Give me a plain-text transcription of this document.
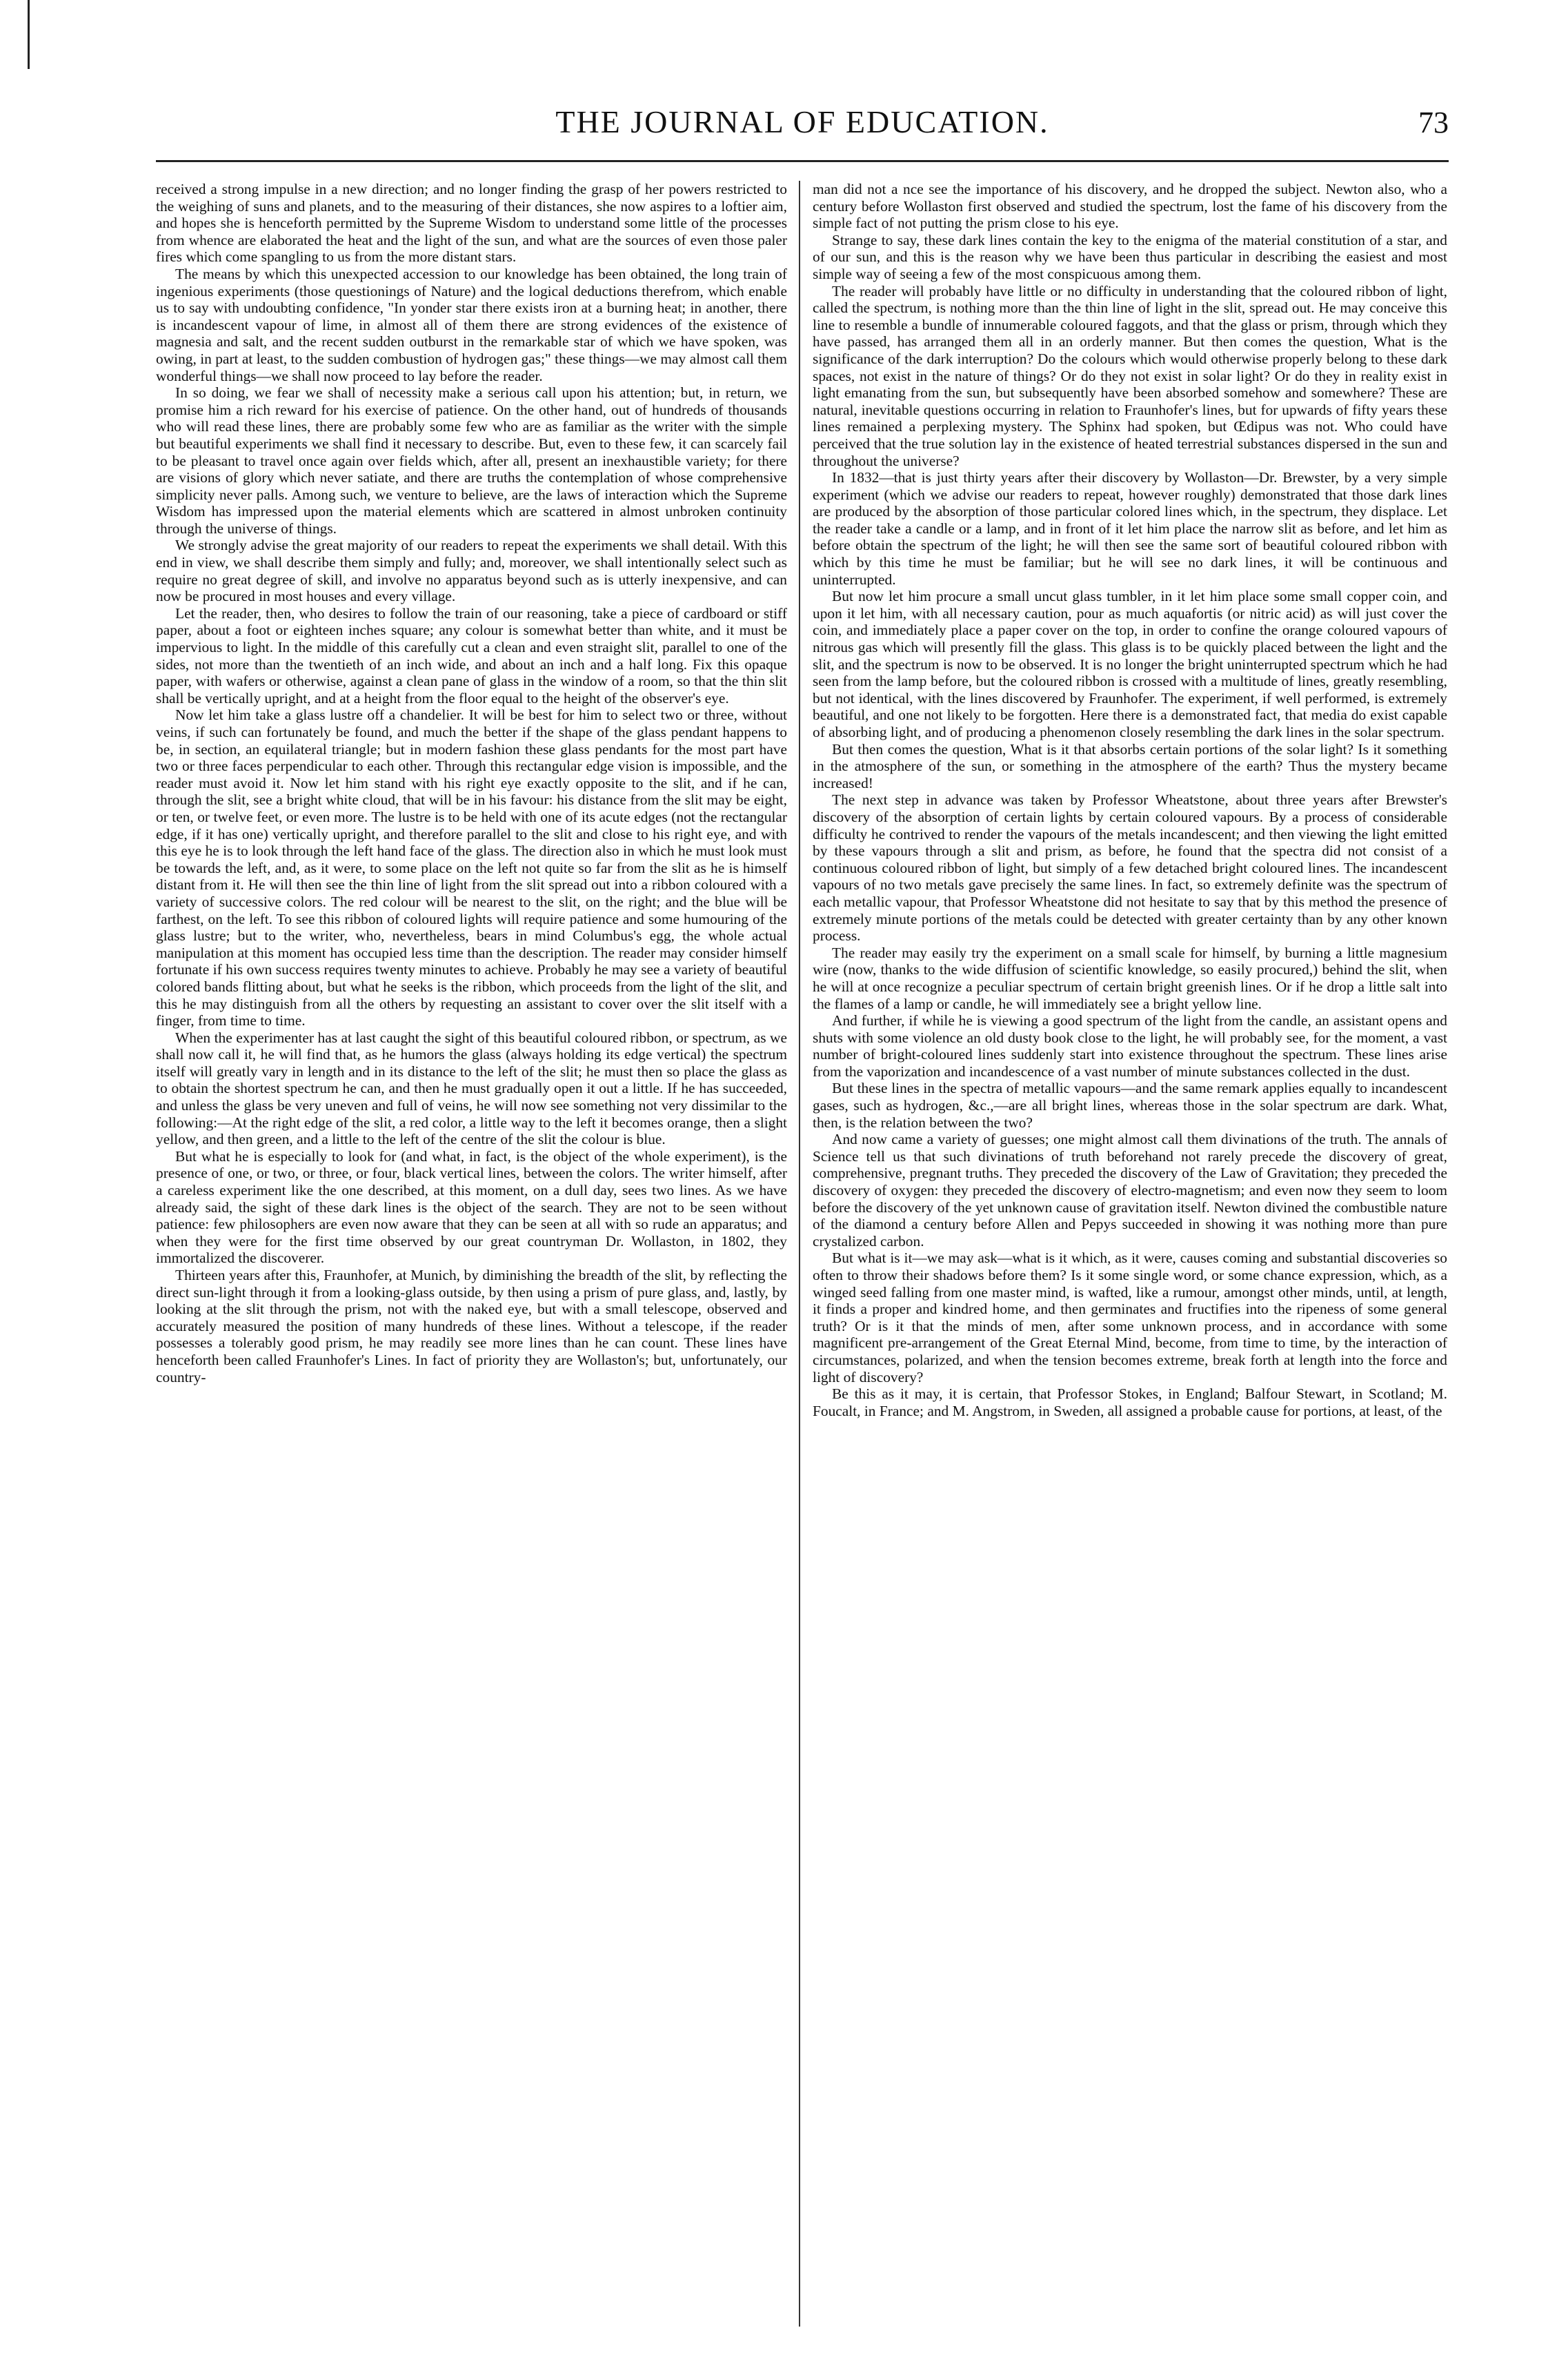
THE JOURNAL OF EDUCATION.	73

received a strong impulse in a new direction; and no longer finding the grasp of her powers restricted to the weighing of suns and planets, and to the measuring of their distances, she now aspires to a loftier aim, and hopes she is henceforth permitted by the Supreme Wisdom to understand some little of the processes from whence are elaborated the heat and the light of the sun, and what are the sources of even those paler fires which come spangling to us from the more distant stars.

The means by which this unexpected accession to our knowledge has been obtained, the long train of ingenious experiments (those questionings of Nature) and the logical deductions therefrom, which enable us to say with undoubting confidence, "In yonder star there exists iron at a burning heat; in another, there is incandescent vapour of lime, in almost all of them there are strong evidences of the existence of magnesia and salt, and the recent sudden outburst in the remarkable star of which we have spoken, was owing, in part at least, to the sudden combustion of hydrogen gas;" these things—we may almost call them wonderful things—we shall now proceed to lay before the reader.

In so doing, we fear we shall of necessity make a serious call upon his attention; but, in return, we promise him a rich reward for his exercise of patience. On the other hand, out of hundreds of thousands who will read these lines, there are probably some few who are as familiar as the writer with the simple but beautiful experiments we shall find it necessary to describe. But, even to these few, it can scarcely fail to be pleasant to travel once again over fields which, after all, present an inexhaustible variety; for there are visions of glory which never satiate, and there are truths the contemplation of whose comprehensive simplicity never palls. Among such, we venture to believe, are the laws of interaction which the Supreme Wisdom has impressed upon the material elements which are scattered in almost unbroken continuity through the universe of things.

We strongly advise the great majority of our readers to repeat the experiments we shall detail. With this end in view, we shall describe them simply and fully; and, moreover, we shall intentionally select such as require no great degree of skill, and involve no apparatus beyond such as is utterly inexpensive, and can now be procured in most houses and every village.

Let the reader, then, who desires to follow the train of our reasoning, take a piece of cardboard or stiff paper, about a foot or eighteen inches square; any colour is somewhat better than white, and it must be impervious to light. In the middle of this carefully cut a clean and even straight slit, parallel to one of the sides, not more than the twentieth of an inch wide, and about an inch and a half long. Fix this opaque paper, with wafers or otherwise, against a clean pane of glass in the window of a room, so that the thin slit shall be vertically upright, and at a height from the floor equal to the height of the observer's eye.

Now let him take a glass lustre off a chandelier. It will be best for him to select two or three, without veins, if such can fortunately be found, and much the better if the shape of the glass pendant happens to be, in section, an equilateral triangle; but in modern fashion these glass pendants for the most part have two or three faces perpendicular to each other. Through this rectangular edge vision is impossible, and the reader must avoid it. Now let him stand with his right eye exactly opposite to the slit, and if he can, through the slit, see a bright white cloud, that will be in his favour: his distance from the slit may be eight, or ten, or twelve feet, or even more. The lustre is to be held with one of its acute edges (not the rectangular edge, if it has one) vertically upright, and therefore parallel to the slit and close to his right eye, and with this eye he is to look through the left hand face of the glass. The direction also in which he must look must be towards the left, and, as it were, to some place on the left not quite so far from the slit as he is himself distant from it. He will then see the thin line of light from the slit spread out into a ribbon coloured with a variety of successive colors. The red colour will be nearest to the slit, on the right; and the blue will be farthest, on the left. To see this ribbon of coloured lights will require patience and some humouring of the glass lustre; but to the writer, who, nevertheless, bears in mind Columbus's egg, the whole actual manipulation at this moment has occupied less time than the description. The reader may consider himself fortunate if his own success requires twenty minutes to achieve. Probably he may see a variety of beautiful colored bands flitting about, but what he seeks is the ribbon, which proceeds from the light of the slit, and this he may distinguish from all the others by requesting an assistant to cover over the slit itself with a finger, from time to time.

When the experimenter has at last caught the sight of this beautiful coloured ribbon, or spectrum, as we shall now call it, he will find that, as he humors the glass (always holding its edge vertical) the spectrum itself will greatly vary in length and in its distance to the left of the slit; he must then so place the glass as to obtain the shortest spectrum he can, and then he must gradually open it out a little. If he has succeeded, and unless the glass be very uneven and full of veins, he will now see something not very dissimilar to the following:—At the right edge of the slit, a red color, a little way to the left it becomes orange, then a slight yellow, and then green, and a little to the left of the centre of the slit the colour is blue.

But what he is especially to look for (and what, in fact, is the object of the whole experiment), is the presence of one, or two, or three, or four, black vertical lines, between the colors. The writer himself, after a careless experiment like the one described, at this moment, on a dull day, sees two lines. As we have already said, the sight of these dark lines is the object of the search. They are not to be seen without patience: few philosophers are even now aware that they can be seen at all with so rude an apparatus; and when they were for the first time observed by our great countryman Dr. Wollaston, in 1802, they immortalized the discoverer.

Thirteen years after this, Fraunhofer, at Munich, by diminishing the breadth of the slit, by reflecting the direct sun-light through it from a looking-glass outside, by then using a prism of pure glass, and, lastly, by looking at the slit through the prism, not with the naked eye, but with a small telescope, observed and accurately measured the position of many hundreds of these lines. Without a telescope, if the reader possesses a tolerably good prism, he may readily see more lines than he can count. These lines have henceforth been called Fraunhofer's Lines. In fact of priority they are Wollaston's; but, unfortunately, our country-

man did not a nce see the importance of his discovery, and he dropped the subject. Newton also, who a century before Wollaston first observed and studied the spectrum, lost the fame of his discovery from the simple fact of not putting the prism close to his eye.

Strange to say, these dark lines contain the key to the enigma of the material constitution of a star, and of our sun, and this is the reason why we have been thus particular in describing the easiest and most simple way of seeing a few of the most conspicuous among them.

The reader will probably have little or no difficulty in understanding that the coloured ribbon of light, called the spectrum, is nothing more than the thin line of light in the slit, spread out. He may conceive this line to resemble a bundle of innumerable coloured faggots, and that the glass or prism, through which they have passed, has arranged them all in an orderly manner. But then comes the question, What is the significance of the dark interruption? Do the colours which would otherwise properly belong to these dark spaces, not exist in the nature of things? Or do they not exist in solar light? Or do they in reality exist in light emanating from the sun, but subsequently have been absorbed somehow and somewhere? These are natural, inevitable questions occurring in relation to Fraunhofer's lines, but for upwards of fifty years these lines remained a perplexing mystery. The Sphinx had spoken, but Œdipus was not. Who could have perceived that the true solution lay in the existence of heated terrestrial substances dispersed in the sun and throughout the universe?

In 1832—that is just thirty years after their discovery by Wollaston—Dr. Brewster, by a very simple experiment (which we advise our readers to repeat, however roughly) demonstrated that those dark lines are produced by the absorption of those particular colored lines which, in the spectrum, they displace. Let the reader take a candle or a lamp, and in front of it let him place the narrow slit as before, and let him as before obtain the spectrum of the light; he will then see the same sort of beautiful coloured ribbon with which by this time he must be familiar; but he will see no dark lines, it will be continuous and uninterrupted.

But now let him procure a small uncut glass tumbler, in it let him place some small copper coin, and upon it let him, with all necessary caution, pour as much aquafortis (or nitric acid) as will just cover the coin, and immediately place a paper cover on the top, in order to confine the orange coloured vapours of nitrous gas which will presently fill the glass. This glass is to be quickly placed between the light and the slit, and the spectrum is now to be observed. It is no longer the bright uninterrupted spectrum which he had seen from the lamp before, but the coloured ribbon is crossed with a multitude of lines, greatly resembling, but not identical, with the lines discovered by Fraunhofer. The experiment, if well performed, is extremely beautiful, and one not likely to be forgotten. Here there is a demonstrated fact, that media do exist capable of absorbing light, and of producing a phenomenon closely resembling the dark lines in the solar spectrum.

But then comes the question, What is it that absorbs certain portions of the solar light? Is it something in the atmosphere of the sun, or something in the atmosphere of the earth? Thus the mystery became increased!

The next step in advance was taken by Professor Wheatstone, about three years after Brewster's discovery of the absorption of certain lights by certain coloured vapours. By a process of considerable difficulty he contrived to render the vapours of the metals incandescent; and then viewing the light emitted by these vapours through a slit and prism, as before, he found that the spectra did not consist of a continuous coloured ribbon of light, but simply of a few detached bright coloured lines. The incandescent vapours of no two metals gave precisely the same lines. In fact, so extremely definite was the spectrum of each metallic vapour, that Professor Wheatstone did not hesitate to say that by this method the presence of extremely minute portions of the metals could be detected with greater certainty than by any other known process.

The reader may easily try the experiment on a small scale for himself, by burning a little magnesium wire (now, thanks to the wide diffusion of scientific knowledge, so easily procured,) behind the slit, when he will at once recognize a peculiar spectrum of certain bright greenish lines. Or if he drop a little salt into the flames of a lamp or candle, he will immediately see a bright yellow line.

And further, if while he is viewing a good spectrum of the light from the candle, an assistant opens and shuts with some violence an old dusty book close to the light, he will probably see, for the moment, a vast number of bright-coloured lines suddenly start into existence throughout the spectrum. These lines arise from the vaporization and incandescence of a vast number of minute substances collected in the dust.

But these lines in the spectra of metallic vapours—and the same remark applies equally to incandescent gases, such as hydrogen, &c.,—are all bright lines, whereas those in the solar spectrum are dark. What, then, is the relation between the two?

And now came a variety of guesses; one might almost call them divinations of the truth. The annals of Science tell us that such divinations of truth beforehand not rarely precede the discovery of great, comprehensive, pregnant truths. They preceded the discovery of the Law of Gravitation; they preceded the discovery of oxygen: they preceded the discovery of electro-magnetism; and even now they seem to loom before the discovery of the yet unknown cause of gravitation itself. Newton divined the combustible nature of the diamond a century before Allen and Pepys succeeded in showing it was nothing more than pure crystalized carbon.

But what is it—we may ask—what is it which, as it were, causes coming and substantial discoveries so often to throw their shadows before them? Is it some single word, or some chance expression, which, as a winged seed falling from one master mind, is wafted, like a rumour, amongst other minds, until, at length, it finds a proper and kindred home, and then germinates and fructifies into the ripeness of some general truth? Or is it that the minds of men, after some unknown process, and in accordance with some magnificent pre-arrangement of the Great Eternal Mind, become, from time to time, by the interaction of circumstances, polarized, and when the tension becomes extreme, break forth at length into the force and light of discovery?

Be this as it may, it is certain, that Professor Stokes, in England; Balfour Stewart, in Scotland; M. Foucalt, in France; and M. Angstrom, in Sweden, all assigned a probable cause for portions, at least, of the
